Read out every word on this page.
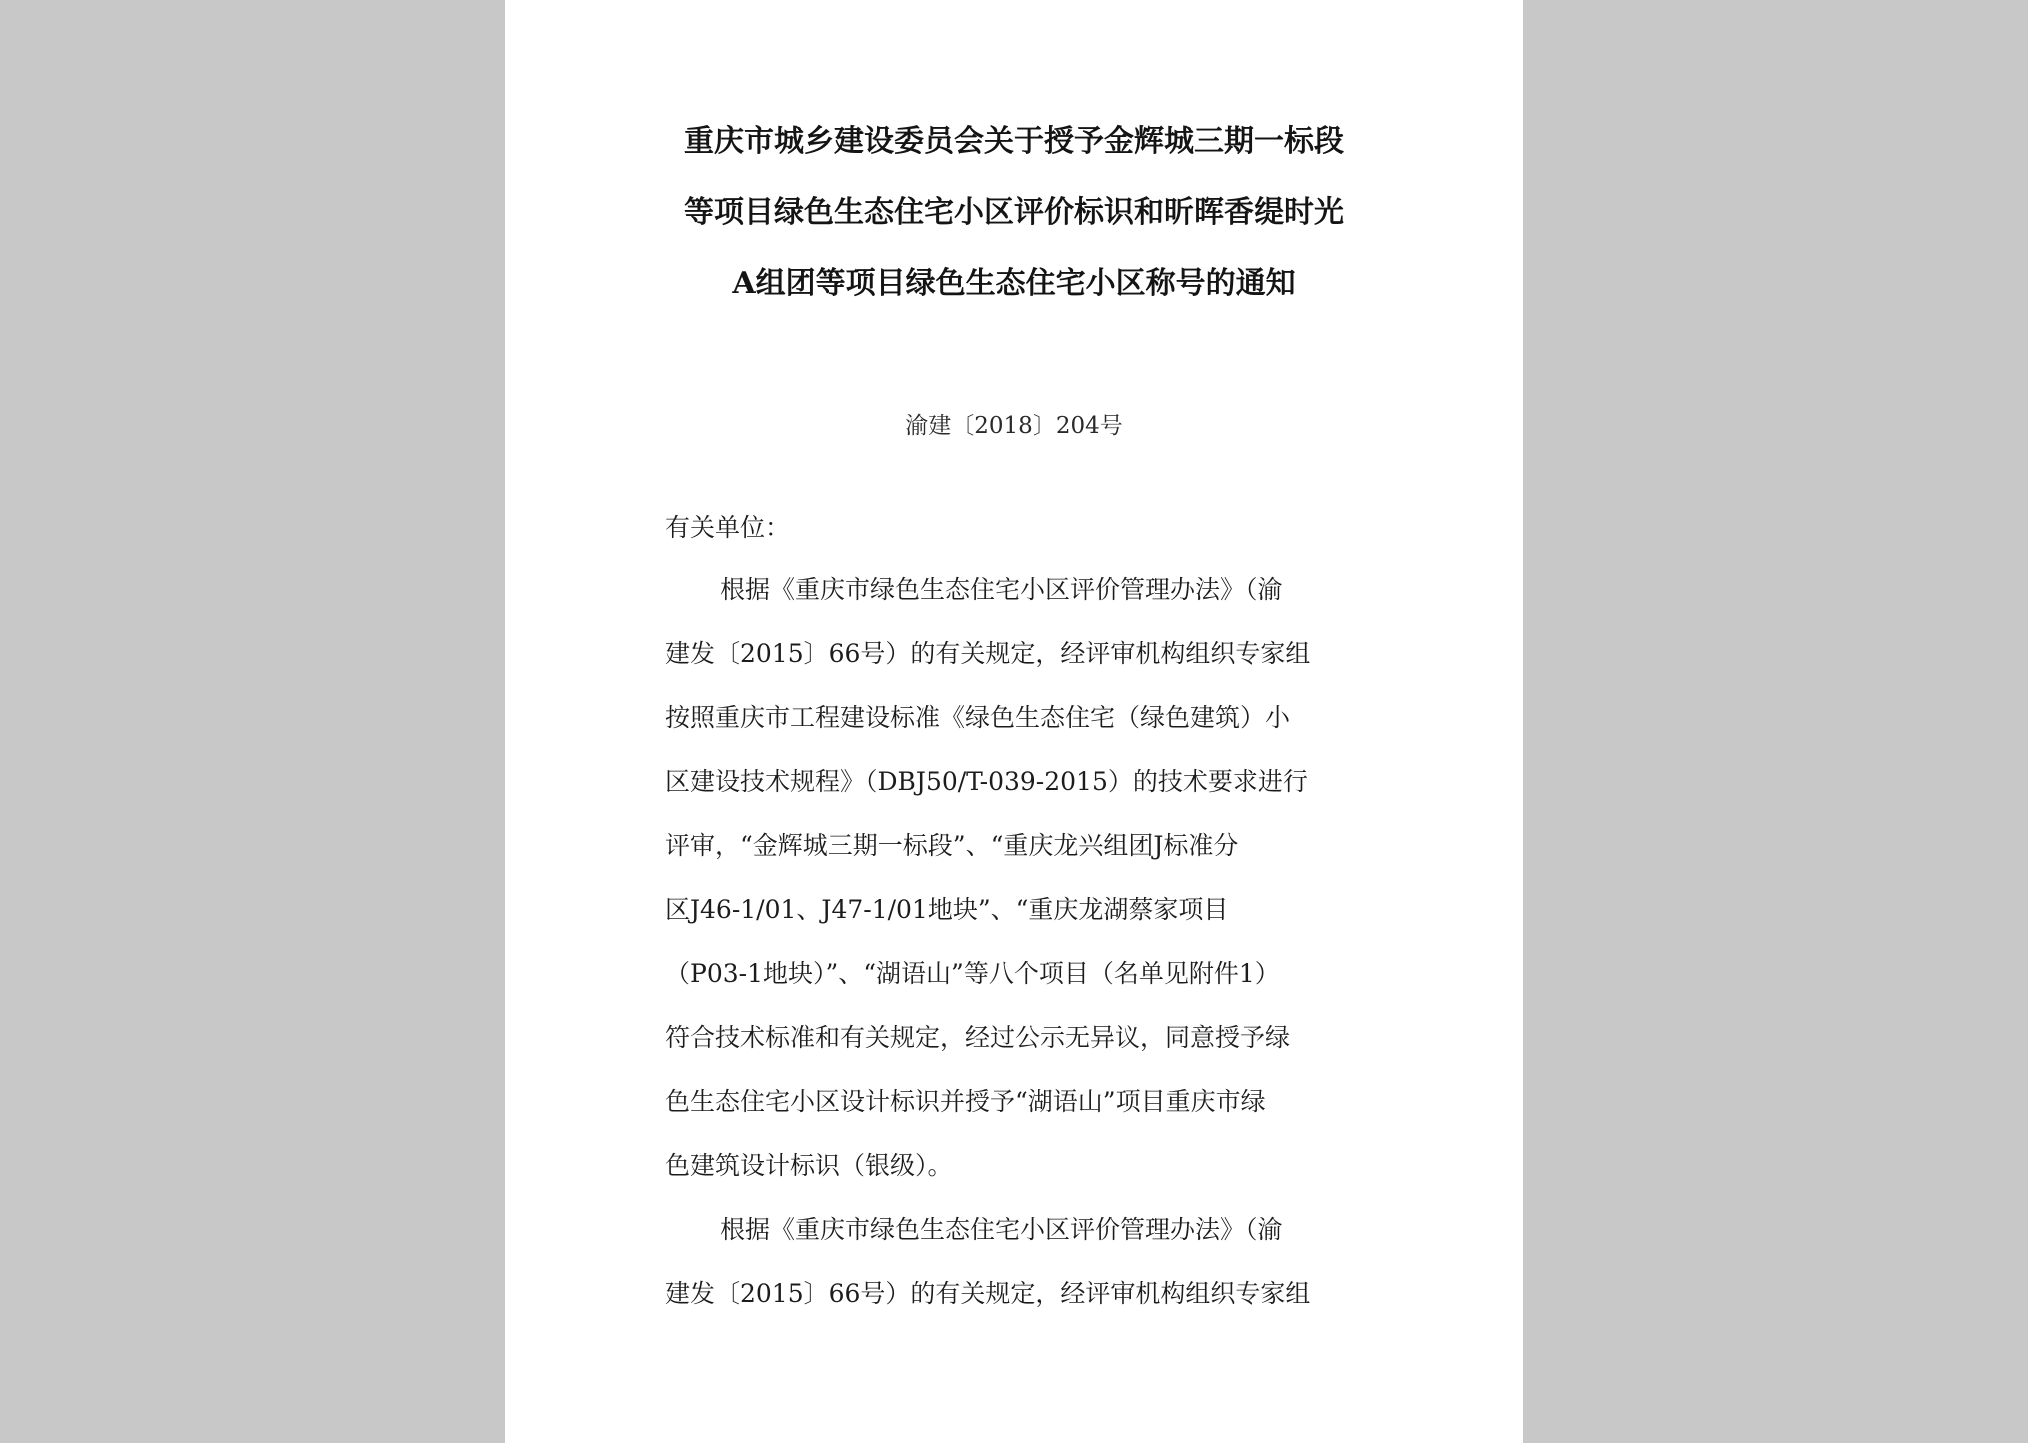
重庆市城乡建设委员会关于授予金辉城三期一标段
等项目绿色生态住宅小区评价标识和昕晖香缇时光
A组团等项目绿色生态住宅小区称号的通知
渝建〔2018〕204号
有关单位：
根据《重庆市绿色生态住宅小区评价管理办法》（渝
建发〔2015〕66号）的有关规定，经评审机构组织专家组
按照重庆市工程建设标准《绿色生态住宅（绿色建筑）小
区建设技术规程》（DBJ50/T-039-2015）的技术要求进行
评审，“金辉城三期一标段”、“重庆龙兴组团J标准分
区J46-1/01、J47-1/01地块”、“重庆龙湖蔡家项目
（P03-1地块）”、“湖语山”等八个项目（名单见附件1）
符合技术标准和有关规定，经过公示无异议，同意授予绿
色生态住宅小区设计标识并授予“湖语山”项目重庆市绿
色建筑设计标识（银级）。
根据《重庆市绿色生态住宅小区评价管理办法》（渝
建发〔2015〕66号）的有关规定，经评审机构组织专家组
